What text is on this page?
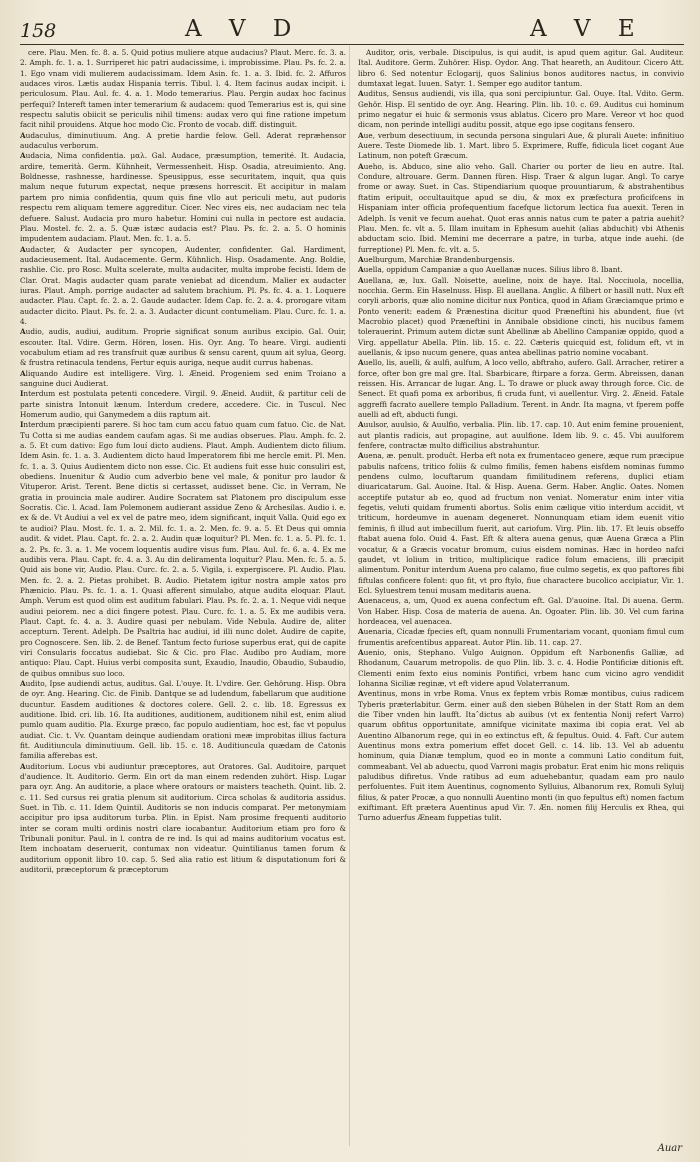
158	A V D	A V E

cere. Plau. Men. fc. 8. a. 5. Quid potius muliere atque audacius? Plaut. Merc. fc. 3. a. 2. Amph. fc. 1. a. 1. Surriperet hic patri audacissime, i. improbissime. Plau. Ps. fc. 2. a. 1. Ego vnam vidi mulierem audacissimam. Idem Asin. fc. 1. a. 3. Ibid. fc. 2. Affuros audaces viros. Lætis audax Hispania terris. Tibul. l. 4. Item facinus audax incipit. i. periculosum. Plau. Aul. fc. 4. a. 1. Modo temerarius. Plau. Pergin audax hoc facinus perfequi? Intereft tamen inter temerarium & audacem: quod Temerarius est is, qui sine respectu salutis obiicit se periculis nihil timens: audax vero qui fine ratione impetum facit nihil prouidens. Atque hoc modo Cic. Fronto de vocab. diff. distinguit.

Audaculus, diminutiuum. Ang. A pretie hardie felow. Gell. Aderat repræhensor audaculus verborum.

Audacia, Nima confidentia. μαλ. Gal. Audace, præsumption, temerité. It. Audacia, ardire, temerità. Germ. Kühnheit, Vermessenheit. Hisp. Osadia, atreuimiento. Ang. Boldnesse, rashnesse, hardinesse. Speusippus, esse securitatem, inquit, qua quis malum neque futurum expectat, neque præsens horrescit. Et accipitur in malam partem pro nimia confidentia, quum quis fine vllo aut periculi metu, aut pudoris respectu rem aliquam temere aggreditur. Cicer. Nec vires eis, nec audaciam nec tela defuere. Salust. Audacia pro muro habetur. Homini cui nulla in pectore est audacia. Plau. Mostel. fc. 2. a. 5. Quæ istæc audacia est? Plau. Ps. fc. 2. a. 5. O hominis impudentem audaciam. Plaut. Men. fc. 1. a. 5.

Audacter, & Audacter per syncopen, Audenter, confidenter. Gal. Hardiment, audacieusement. Ital. Audacemente. Germ. Kühnlich. Hisp. Osadamente. Ang. Boldie, rashlie. Cic. pro Rosc. Multa scelerate, multa audaciter, multa improbe fecisti. Idem de Clar. Orat. Magis audacter quam parate veniebat ad dicendum. Malier ex audacter iuras. Plaut. Amph. porrige audacter ad salutem brachium. Pl. Ps. fc. 4. a. 1. Loquere audacter. Plau. Capt. fc. 2. a. 2. Gaude audacter. Idem Cap. fc. 2. a. 4. prorogare vitam audacter dicito. Plaut. Ps. fc. 2. a. 3. Audacter dicunt contumeliam. Plau. Curc. fc. 1. a. 4.

Audio, audis, audiui, auditum. Proprie significat sonum auribus excipio. Gal. Ouir, escouter. Ital. Vdire. Germ. Hören, losen. His. Oyr. Ang. To heare. Virgi. audienti vocabulum etiam ad res transfruit quæ auribus & sensu carent, quum ait sylua, Georg. & frustra retinacula tendens, Fertur equis auriga, neque audit currus habenas.

Aliquando Audire est intelligere. Virg. l. Æneid. Progeniem sed enim Troiano a sanguine duci Audierat.

Interdum est postulata petenti concedere. Virgil. 9. Æneid. Audiit, & partitur celi de parte sinistra Intonuit lænum. Interdum credere, accedere. Cic. in Tuscul. Nec Homerum audio, qui Ganymedem a diis raptum ait.

Interdum præcipienti parere. Si hoc tam cum accu fatuo quam cum fatuo. Cic. de Nat. Tu Cotta si me audias eandem caufam agas. Si me audias obserues. Plau. Amph. fc. 2. a. 5. Et cum dativo: Ego fum louí dicto audiens. Plaut. Amph. Audientem dicto filium. Idem Asin. fc. 1. a. 3. Audientem dicto haud Imperatorem fibi me hercle emit. Pl. Men. fc. 1. a. 3. Quius Audientem dicto non esse. Cic. Et audiens fuit esse huic consuliri est, obediens. Inuenitur & Audio cum adverbio bene vel male, & ponitur pro laudor & Vituperor. Arist. Terent. Bene dictis si certasset, audisset bene. Cic. in Verram, Ne gratia in prouincia male audirer. Audire Socratem sat Platonem pro discipulum esse Socratis. Cic. l. Acad. Iam Polemonem audierant assidue Zeno & Archesilas. Audio i. e. ex & de. Vt Audiui a vel ex vel de patre meo, idem significant, inquit Valla. Quid ego ex te audioi? Plau. Most. fc. 1. a. 2. Mil. fc. 1. a. 2. Men. fc. 9. a. 5. Et Deus qui omnia audit. & videt. Plau. Capt. fc. 2. a. 2. Audin quæ loquitur? Pl. Men. fc. 1. a. 5. Pl. fc. 1. a. 2. Ps. fc. 3. a. 1. Me vocem loquentis audire visus fum. Plau. Aul. fc. 6. a. 4. Ex me audibis vera. Plau. Capt. fc. 4. a. 3. Au din deliramenta loquitur? Plau. Men. fc. 5. a. 5. Quid ais bone vir, Audio. Plau. Curc. fc. 2. a. 5. Vigila, i. expergiscere. Pl. Audio. Plau. Men. fc. 2. a. 2. Pietas prohibet. B. Audio. Pietatem igitur nostra ample xatos pro Phænicio. Plau. Ps. fc. 1. a. 1. Quasi afferent simulabo, atque audita eloquar. Plaut. Amph. Verum est quod olim est auditum fabulari. Plau. Ps. fc. 2. a. 1. Neque vidi neque audiui peiorem. nec a dici fingere potest. Plau. Curc. fc. 1. a. 5. Ex me audibis vera. Plaut. Capt. fc. 4. a. 3. Audire quasi per nebulam. Vide Nebula. Audire de, aliter accepturn. Terent. Adelph. De Psaltria hac audiui, id illi nunc dolet. Audire de capite, pro Cognoscere. Sen. lib. 2. de Benef. Tantum fecto furiose superbus erat, qui de capite viri Consularis foccatus audiebat. Sic & Cic. pro Flac. Audibo pro Audiam, more antiquo: Plau. Capt. Huius verbi composita sunt, Exaudio, Inaudio, Obaudio, Subaudio, de quibus omnibus suo loco.

Audito, Ipse audiendi actus, auditus. Gal. L'ouye. It. L'vdire. Ger. Gehörung. Hisp. Obra de oyr. Ang. Hearing. Cic. de Finib. Dantque se ad ludendum, fabellarum que auditione ducuntur. Easdem auditiones & doctores colere. Gell. 2. c. lib. 18. Egressus ex auditione. Ibid. cri. lib. 16. Ita auditiones, auditionem, auditionem nihil est, enim aliud pumlo quam auditio. Pla. Exurge præco, fac populo audientiam, hoc est, fac vt populus audiat. Cic. t. Vv. Quantam deinque audiendam orationi meæ improbitas illius factura fit. Auditiuncula diminutiuum. Gell. lib. 15. c. 18. Auditiuncula quædam de Catonis familia afferebas est.

Auditorium. Locus vbi audiuntur præceptores, aut Oratores. Gal. Auditoire, parquet d'audience. It. Auditorio. Germ. Ein ort da man einem redenden zuhört. Hisp. Lugar para oyr. Ang. An auditorie, a place where oratours or maisters teacheth. Quint. lib. 2. c. 11. Sed cursus rei gratia plenum sit auditorium. Circa scholas & auditoria assidus. Suet. in Tib. c. 11. Idem Quintil. Auditoris se non inducis comparat. Per metonymiam accipitur pro ipsa auditorum turba. Plin. in Epist. Nam prosime frequenti auditorio inter se coram multi ordinis nostri clare iocabantur. Auditorium etiam pro foro & Tribunali ponitur. Paul. in l. contra de re ind. Is qui ad mains auditorium vocatus est. Item inchoatam deseruerit, contumax non videatur. Quintilianus tamen forum & auditorium opponit libro 10. cap. 5. Sed alia ratio est litium & disputationum fori & auditorii, præceptorum & præceptorum

Auditor, oris, verbale. Discipulus, is qui audit, is apud quem agitur. Gal. Auditeur. Ital. Auditore. Germ. Zuhörer. Hisp. Oydor. Ang. That heareth, an Auditour. Cicero Att. libro 6. Sed notentur Eclogarij, quos Salinius bonos auditores nactus, in convivio dumtaxat legat. Iuuen. Satyr. 1. Semper ego auditor tantum.

Auditus, Sensus audiendi, vis illa, qua soni percipiuntur. Gal. Ouye. Ital. Vdito. Germ. Gehör. Hisp. El sentido de oyr. Ang. Hearing. Plin. lib. 10. c. 69. Auditus cui hominum primo negatur ei huic & sermonis vsus ablatus. Cicero pro Mare. Vereor vt hoc quod dicam, non perinde intelligi auditu possit, atque ego ipse cogitans fensero.

Aue, verbum desectiuum, in secunda persona singulari Aue, & plurali Auete: infinitiuo Auere. Teste Diomede lib. 1. Mart. libro 5. Exprimere, Ruffe, fidicula licet cogant Aue Latinum, non poteft Græcum.

Aueho, is. Abduco, sine alio veho. Gall. Charier ou porter de lieu en autre. Ital. Condure, altrouare. Germ. Dannen füren. Hisp. Traer & algun lugar. Angl. To carye frome or away. Suet. in Cas. Stipendiarium quoque prouuntiarum, & abstrahentibus ftatim eripuit, occultauitque apud se diu, & mox ex præfectura proficifcens in Hispaniam inter officia profequentium facefque lictorum lectica fua auexit. Teren in Adelph. Is venit ve fecum auehat. Quot eras annis natus cum te pater a patria auehit? Plau. Men. fc. vlt a. 5. Illam inuitam in Ephesum auehit (alias abduchit) vbi Athenis abductam scio. Ibid. Memini me decerrare a patre, in turba, atque inde auehi. (de furreptione) Pl. Men. fc. vlt. a. 5.

Auelburgum, Marchiæ Brandenburgensis.

Auella, oppidum Campaniæ a quo Auellanæ nuces. Silius libro 8. Ibant.

Auellana, æ, lux. Gall. Noisette, aueline, noix de haye. Ital. Nocciuola, nocellia, nocchia. Germ. Ein Haselnuss. Hisp. El auellana. Anglic. A filbert or hasill nutt. Nux eft coryli arboris, quæ alio nomine dicitur nux Pontica, quod in Afiam Græciamque primo e Ponto venerit: eadem & Prænestina dicitur quod Præneftini his abundent, fiue (vt Macrobio placet) quod Præneftini in Annibale obsidione cincti, his nucibus famem tolerauerint. Primum autem dictæ sunt Abellinæ ab Abellino Campaniæ oppido, quod a Virg. appellatur Abella. Plin. lib. 15. c. 22. Cæteris quicquid est, folidum eft, vt in auellanis, & ipso nucum genere, quas antea abellinas patrio nomine vocabant.

Auello, lis, auelli, & aulfi, aulfum, A loco vello, abftraho, aufero. Gall. Arracher, retirer a force, ofter bon gre mal gre. Ital. Sbarbicare, ftirpare a forza. Germ. Abreissen, danan reissen. His. Arrancar de lugar. Ang. L. To drawe or pluck away through force. Cic. de Senect. Et quafi poma ex arboribus, fi cruda funt, vi auellentur. Virg. 2. Æneid. Fatale aggreffi facrato auellere templo Palladium. Terent. in Andr. Ita magna, vt fperem poffe auelli ad eft, abducti fungi.

Auulsor, auulsio, & Auulfio, verbalia. Plin. lib. 17. cap. 10. Aut enim femine prouenient, aut plantis radicis, aut propagine, aut auulfione. Idem lib. 9. c. 45. Vbi auulforem fenfere, contractæ multo difficilius abstrahuntur.

Auena, æ. penult. produĉt. Herba eft nota ex frumentaceo genere, æque rum præcipue pabulis nafcens, tritico foliis & culmo fimilis, femen habens eisfdem nominas fummo pendens culmo, locuftarum quandam fimilitudinem referens, duplici etiam diuaricatarum. Gal. Auoine. Ital. & Hisp. Auena. Germ. Haber. Anglic. Oates. Nomen acceptife putatur ab eo, quod ad fructum non veniat. Nomeratur enim inter vitia fegetis, veluti quidam frumenti abortus. Solis enim cælique vitio interdum accidit, vt triticum, hordeumve in auenam degeneret. Nonnunquam etiam idem euenit vitio feminis, fi illud aut imbecillum fuerit, aut cariofum. Virg. Plin. lib. 17. Et leuis obseffo ftabat auena folo. Ouid 4. Fast. Eft & altera auena genus, quæ Auena Græca a Plin vocatur, & a Græcis vocatur bromum, cuius eisdem nominas. Hæc in hordeo nafci gaudet, vt lolium in tritico, multiplicique radice folum emaciens, illi præcipit alimentum. Ponitur interdum Auena pro calamo, fiue culmo segetis, ex quo paftores fibi fiftulas conficere folent: quo fit, vt pro ftylo, fiue charactere bucolico accipiatur, Vir. 1. Ecl. Syluestrem tenui musam meditaris auena.

Auenaceus, a, um, Quod ex auena confectum eft. Gal. D'auoine. Ital. Di auena. Germ. Von Haber. Hisp. Cosa de materia de auena. An. Ogoater. Plin. lib. 30. Vel cum farina hordeacea, vel auenacea.

Auenaria, Cicadæ fpecies eft, quam nonnulli Frumentariam vocant, quoniam fimul cum frumentis arefcentibus appareat. Autor Plin. lib. 11. cap. 27.

Auenio, onis, Stephano. Vulgo Auignon. Oppidum eft Narbonenfis Galliæ, ad Rhodanum, Cauarum metropolis. de quo Plin. lib. 3. c. 4. Hodie Pontificiæ ditionis eft. Clementi enim fexto eius nominis Pontifici, vrbem hanc cum vicino agro vendidit Iohanna Siciliæ reginæ, vt eft videre apud Volaterranum.

Aventinus, mons in vrbe Roma. Vnus ex feptem vrbis Romæ montibus, cuius radicem Tyberis præterlabitur. Germ. einer auß den sieben Bühelen in der Statt Rom an dem die Tiber vnden hin laufft. Itaˆdictus ab auibus (vt ex fententia Nonij refert Varro) quarum obfitus opportunitate, amnifque vicinitate maxima ibi copia erat. Vel ab Auentino Albanorum rege, qui in eo extinctus eft, & fepultus. Ouid. 4. Faft. Cur autem Auentinus mons extra pomerium effet docet Gell. c. 14. lib. 13. Vel ab aduentu hominum, quia Dianæ templum, quod eo in monte a communi Latio conditum fuit, commeabant. Vel ab aduectu, quod Varroni magis probatur. Erat enim hic mons reliquis paludibus difiretus. Vnde ratibus ad eum aduehebantur, quadam eam pro naulo perfoluentes. Fuit item Auentinus, cognomento Sylluius, Albanorum rex, Romuli Syluij filius, & pater Procæ, a quo nonnulli Auentino monti (in quo fepultus eft) nomen factum exiftimant. Eft prætera Auentinus apud Vir. 7. Æn. nomen filij Herculis ex Rhea, qui Turno aduerfus Æneam fuppetias tulit.

Auar
